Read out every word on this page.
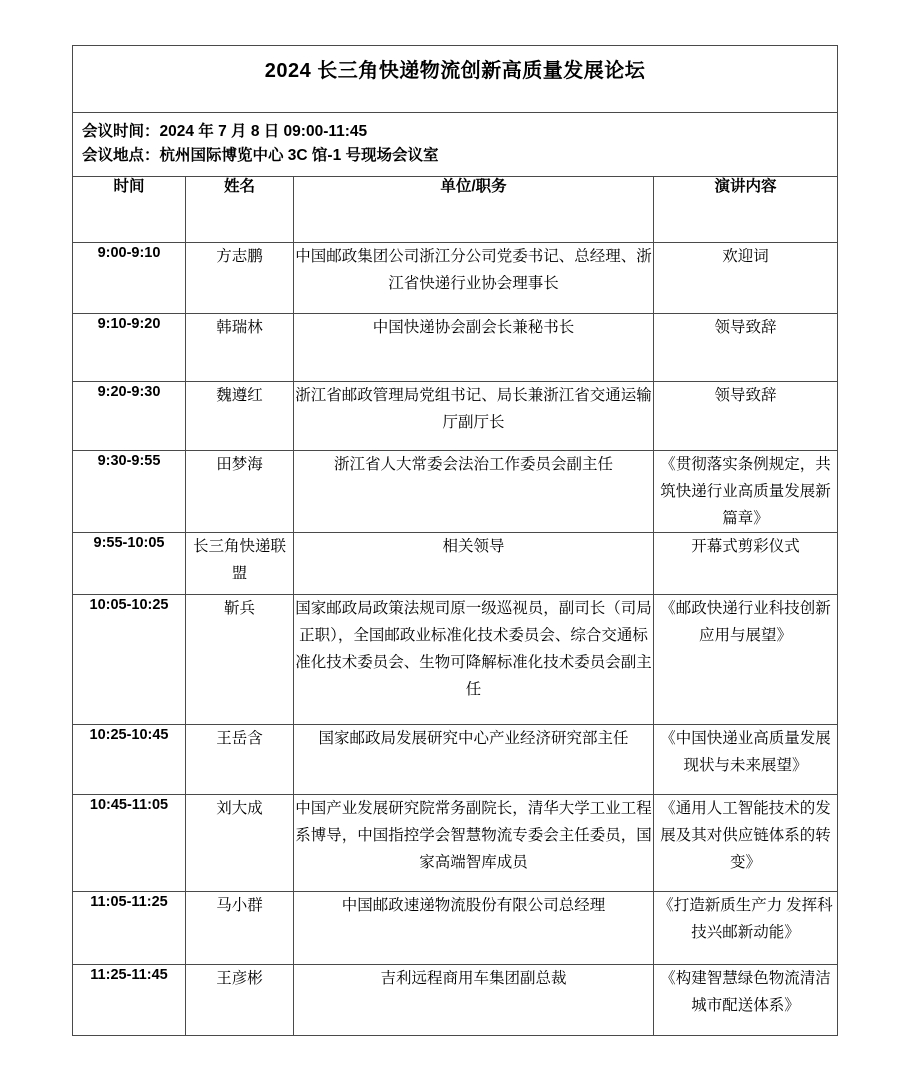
2024 长三角快递物流创新高质量发展论坛			

会议时间：2024 年 7 月 8 日 09:00-11:45
会议地点：杭州国际博览中心 3C 馆-1 号现场会议室			

时间	姓名	单位/职务	演讲内容
9:00-9:10	方志鹏	中国邮政集团公司浙江分公司党委书记、总经理、浙江省快递行业协会理事长	欢迎词
9:10-9:20	韩瑞林	中国快递协会副会长兼秘书长	领导致辞
9:20-9:30	魏遵红	浙江省邮政管理局党组书记、局长兼浙江省交通运输厅副厅长	领导致辞
9:30-9:55	田梦海	浙江省人大常委会法治工作委员会副主任	《贯彻落实条例规定，共筑快递行业高质量发展新篇章》
9:55-10:05	长三角快递联盟	相关领导	开幕式剪彩仪式
10:05-10:25	靳兵	国家邮政局政策法规司原一级巡视员，副司长（司局正职），全国邮政业标准化技术委员会、综合交通标准化技术委员会、生物可降解标准化技术委员会副主任	《邮政快递行业科技创新应用与展望》
10:25-10:45	王岳含	国家邮政局发展研究中心产业经济研究部主任	《中国快递业高质量发展现状与未来展望》
10:45-11:05	刘大成	中国产业发展研究院常务副院长，清华大学工业工程系博导，中国指控学会智慧物流专委会主任委员，国家高端智库成员	《通用人工智能技术的发展及其对供应链体系的转变》
11:05-11:25	马小群	中国邮政速递物流股份有限公司总经理	《打造新质生产力 发挥科技兴邮新动能》
11:25-11:45	王彦彬	吉利远程商用车集团副总裁	《构建智慧绿色物流清洁城市配送体系》
